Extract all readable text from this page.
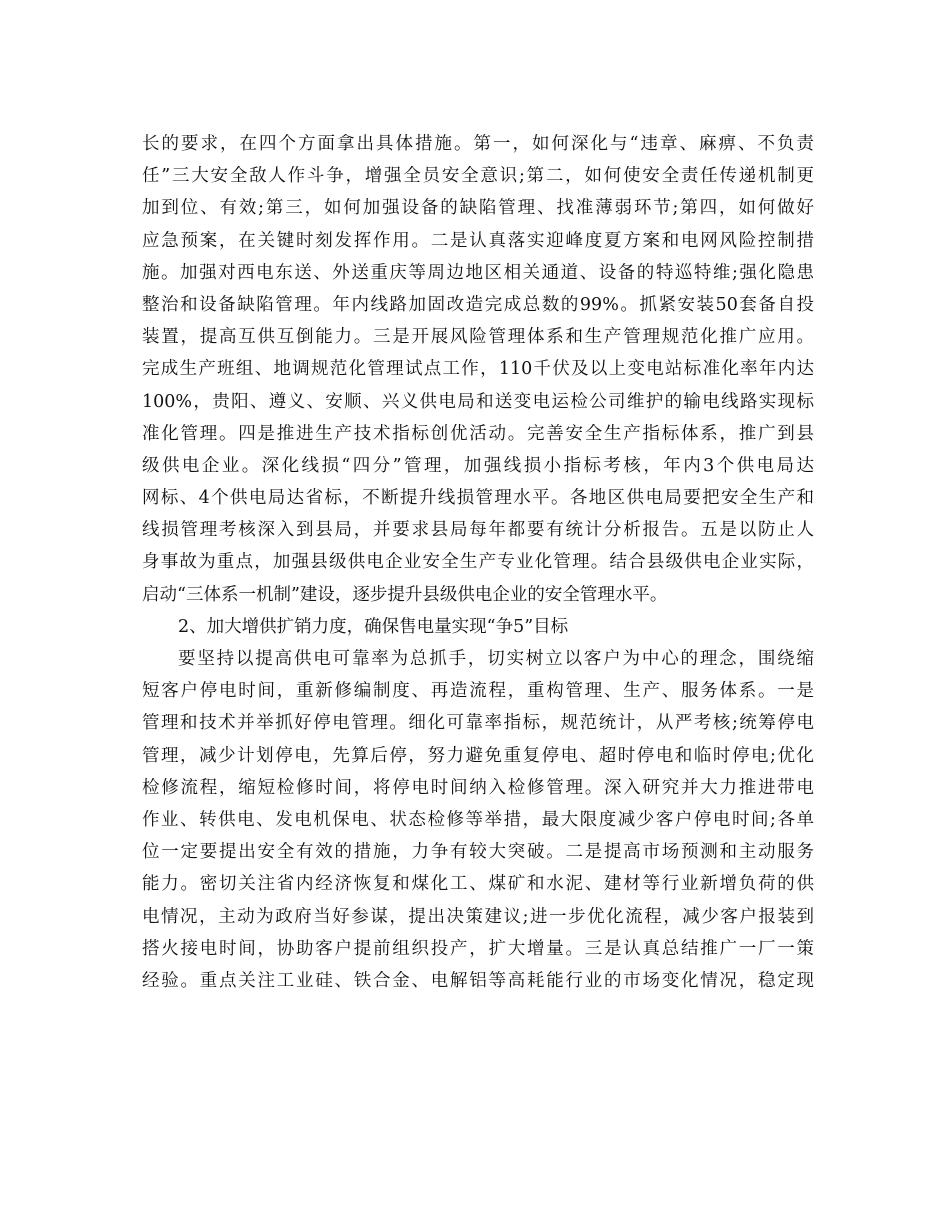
长的要求，在四个方面拿出具体措施。第一，如何深化与“违章、麻痹、不负责
任”三大安全敌人作斗争，增强全员安全意识;第二，如何使安全责任传递机制更
加到位、有效;第三，如何加强设备的缺陷管理、找准薄弱环节;第四，如何做好
应急预案，在关键时刻发挥作用。二是认真落实迎峰度夏方案和电网风险控制措
施。加强对西电东送、外送重庆等周边地区相关通道、设备的特巡特维;强化隐患
整治和设备缺陷管理。年内线路加固改造完成总数的99%。抓紧安装50套备自投
装置，提高互供互倒能力。三是开展风险管理体系和生产管理规范化推广应用。
完成生产班组、地调规范化管理试点工作，110千伏及以上变电站标准化率年内达
100%，贵阳、遵义、安顺、兴义供电局和送变电运检公司维护的输电线路实现标
准化管理。四是推进生产技术指标创优活动。完善安全生产指标体系，推广到县
级供电企业。深化线损“四分”管理，加强线损小指标考核，年内3个供电局达
网标、4个供电局达省标，不断提升线损管理水平。各地区供电局要把安全生产和
线损管理考核深入到县局，并要求县局每年都要有统计分析报告。五是以防止人
身事故为重点，加强县级供电企业安全生产专业化管理。结合县级供电企业实际，
启动“三体系一机制”建设，逐步提升县级供电企业的安全管理水平。
2、加大增供扩销力度，确保售电量实现“争5”目标
要坚持以提高供电可靠率为总抓手，切实树立以客户为中心的理念，围绕缩
短客户停电时间，重新修编制度、再造流程，重构管理、生产、服务体系。一是
管理和技术并举抓好停电管理。细化可靠率指标，规范统计，从严考核;统筹停电
管理，减少计划停电，先算后停，努力避免重复停电、超时停电和临时停电;优化
检修流程，缩短检修时间，将停电时间纳入检修管理。深入研究并大力推进带电
作业、转供电、发电机保电、状态检修等举措，最大限度减少客户停电时间;各单
位一定要提出安全有效的措施，力争有较大突破。二是提高市场预测和主动服务
能力。密切关注省内经济恢复和煤化工、煤矿和水泥、建材等行业新增负荷的供
电情况，主动为政府当好参谋，提出决策建议;进一步优化流程，减少客户报装到
搭火接电时间，协助客户提前组织投产，扩大增量。三是认真总结推广一厂一策
经验。重点关注工业硅、铁合金、电解铝等高耗能行业的市场变化情况，稳定现
